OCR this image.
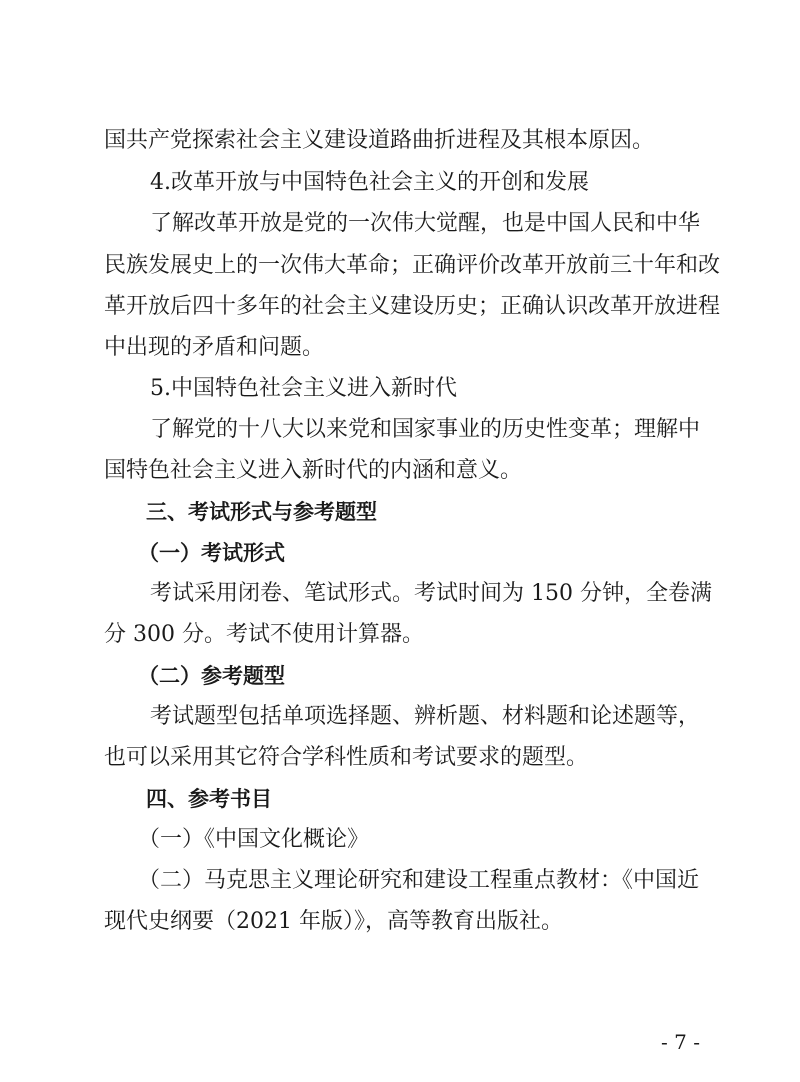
国共产党探索社会主义建设道路曲折进程及其根本原因。
4.改革开放与中国特色社会主义的开创和发展
了解改革开放是党的一次伟大觉醒，也是中国人民和中华
民族发展史上的一次伟大革命；正确评价改革开放前三十年和改
革开放后四十多年的社会主义建设历史；正确认识改革开放进程
中出现的矛盾和问题。
5.中国特色社会主义进入新时代
了解党的十八大以来党和国家事业的历史性变革；理解中
国特色社会主义进入新时代的内涵和意义。
三、考试形式与参考题型
（一）考试形式
考试采用闭卷、笔试形式。考试时间为 150 分钟，全卷满
分 300 分。考试不使用计算器。
（二）参考题型
考试题型包括单项选择题、辨析题、材料题和论述题等，
也可以采用其它符合学科性质和考试要求的题型。
四、参考书目
（一）《中国文化概论》
（二）马克思主义理论研究和建设工程重点教材：《中国近
现代史纲要（2021 年版）》，高等教育出版社。
- 7 -
